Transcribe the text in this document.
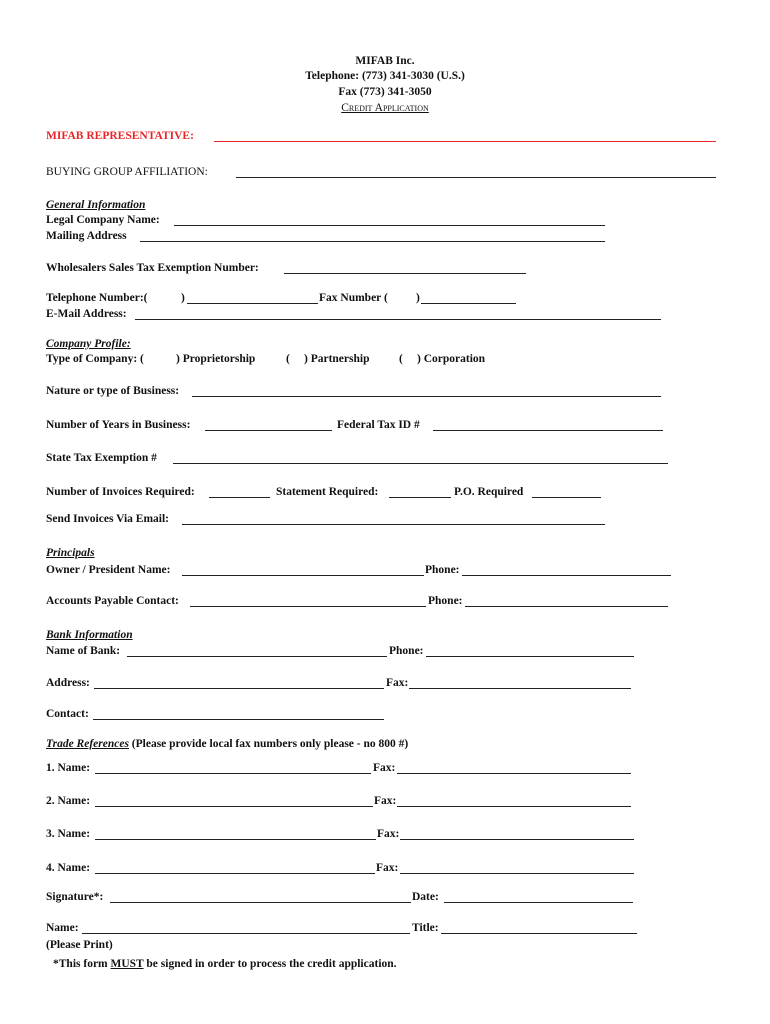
MIFAB Inc.
Telephone: (773) 341-3030 (U.S.)
Fax (773) 341-3050
Credit Application
MIFAB REPRESENTATIVE:
BUYING GROUP AFFILIATION:
General Information
Legal Company Name:
Mailing Address
Wholesalers Sales Tax Exemption Number:
Telephone Number:(	)	Fax Number ( )
E-Mail Address:
Company Profile:
Type of Company: (	) Proprietorship	( ) Partnership	( ) Corporation
Nature or type of Business:
Number of Years in Business:	Federal Tax ID #
State Tax Exemption #
Number of Invoices Required:	Statement Required:	P.O. Required
Send Invoices Via Email:
Principals
Owner / President Name:	Phone:
Accounts Payable Contact:	Phone:
Bank Information
Name of Bank:	Phone:
Address:	Fax:
Contact:
Trade References (Please provide local fax numbers only please - no 800 #)
1. Name:	Fax:
2. Name:	Fax:
3. Name:	Fax:
4. Name:	Fax:
Signature*:	Date:
Name:	Title:
(Please Print)
*This form MUST be signed in order to process the credit application.
